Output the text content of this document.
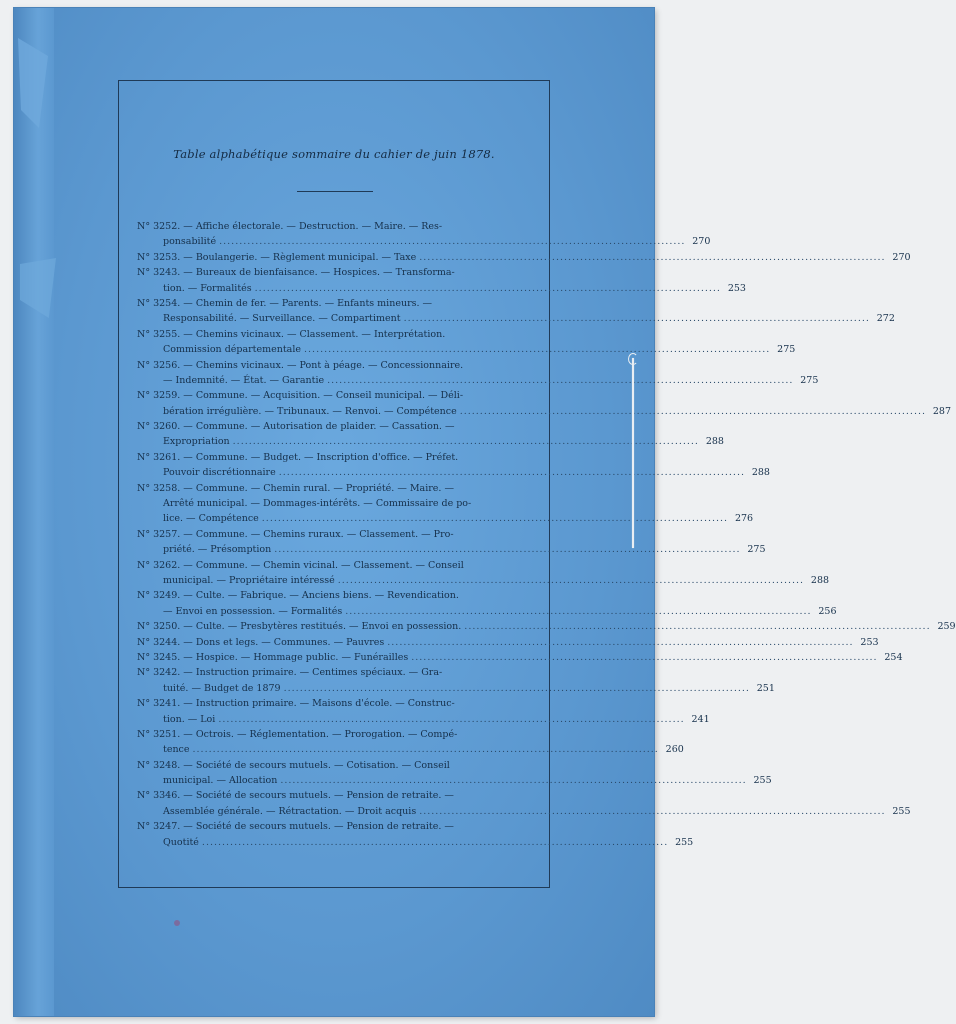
Table alphabétique sommaire du cahier de juin 1878.
N° 3252. — Affiche électorale. — Destruction. — Maire. — Res-
ponsabilité .....	270
N° 3253. — Boulangerie. — Règlement municipal. — Taxe .....	270
N° 3243. — Bureaux de bienfaisance. — Hospices. — Transforma-
tion. — Formalités .....	253
N° 3254. — Chemin de fer. — Parents. — Enfants mineurs. —
Responsabilité. — Surveillance. — Compartiment .....	272
N° 3255. — Chemins vicinaux. — Classement. — Interprétation.
Commission départementale .....	275
N° 3256. — Chemins vicinaux. — Pont à péage. — Concessionnaire.
— Indemnité. — État. — Garantie .....	275
N° 3259. — Commune. — Acquisition. — Conseil municipal. — Déli-
bération irrégulière. — Tribunaux. — Renvoi. — Compétence .....	287
N° 3260. — Commune. — Autorisation de plaider. — Cassation. —
Expropriation .....	288
N° 3261. — Commune. — Budget. — Inscription d'office. — Préfet.
Pouvoir discrétionnaire .....	288
N° 3258. — Commune. — Chemin rural. — Propriété. — Maire. —
Arrêté municipal. — Dommages-intérêts. — Commissaire de po-
lice. — Compétence .....	276
N° 3257. — Commune. — Chemins ruraux. — Classement. — Pro-
priété. — Présomption .....	275
N° 3262. — Commune. — Chemin vicinal. — Classement. — Conseil
municipal. — Propriétaire intéressé .....	288
N° 3249. — Culte. — Fabrique. — Anciens biens. — Revendication.
— Envoi en possession. — Formalités .....	256
N° 3250. — Culte. — Presbytères restitués. — Envoi en possession. .....	259
N° 3244. — Dons et legs. — Communes. — Pauvres .....	253
N° 3245. — Hospice. — Hommage public. — Funérailles .....	254
N° 3242. — Instruction primaire. — Centimes spéciaux. — Gra-
tuité. — Budget de 1879 .....	251
N° 3241. — Instruction primaire. — Maisons d'école. — Construc-
tion. — Loi .....	241
N° 3251. — Octrois. — Réglementation. — Prorogation. — Compé-
tence .....	260
N° 3248. — Société de secours mutuels. — Cotisation. — Conseil
municipal. — Allocation .....	255
N° 3346. — Société de secours mutuels. — Pension de retraite. —
Assemblée générale. — Rétractation. — Droit acquis .....	255
N° 3247. — Société de secours mutuels. — Pension de retraite. —
Quotité .....	255
